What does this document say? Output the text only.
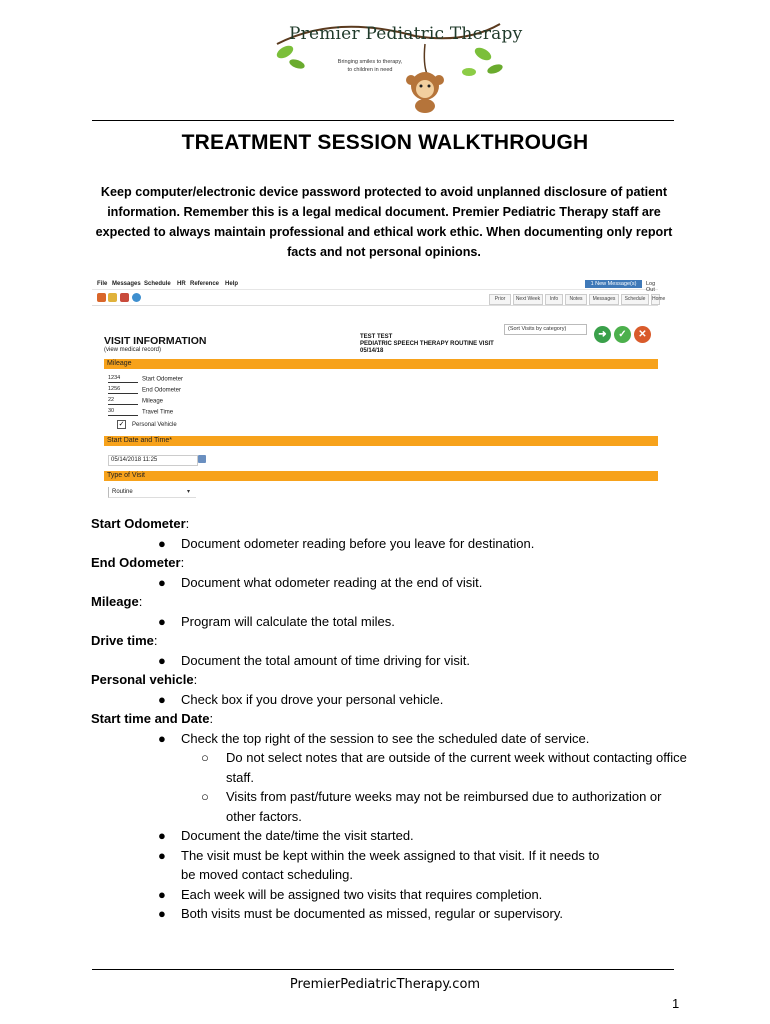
Premier Pediatric Therapy
Bringing smiles to therapy, to children in need
TREATMENT SESSION WALKTHROUGH
Keep computer/electronic device password protected to avoid unplanned disclosure of patient information. Remember this is a legal medical document. Premier Pediatric Therapy staff are expected to always maintain professional and ethical work ethic. When documenting only report facts and not personal opinions.
File Messages Schedule HR Reference Help	1 New Message(s)	Log Out
Prior	Next Week	Info	Notes	Messages	Schedule	Home
VISIT INFORMATION
(view medical record)
TEST TEST
PEDIATRIC SPEECH THERAPY ROUTINE VISIT
05/14/18
(Sort Visits by category)	➜	✓	✕
Mileage
1234	Start Odometer
1256	End Odometer
22	Mileage
30	Travel Time
✓ Personal Vehicle
Start Date and Time*
05/14/2018 11:25
Type of Visit
Routine	▾
Start Odometer:
● Document odometer reading before you leave for destination.
End Odometer:
● Document what odometer reading at the end of visit.
Mileage:
● Program will calculate the total miles.
Drive time:
● Document the total amount of time driving for visit.
Personal vehicle:
● Check box if you drove your personal vehicle.
Start time and Date:
● Check the top right of the session to see the scheduled date of service.
○ Do not select notes that are outside of the current week without contacting office staff.
○ Visits from past/future weeks may not be reimbursed due to authorization or other factors.
● Document the date/time the visit started.
● The visit must be kept within the week assigned to that visit. If it needs to be moved contact scheduling.
● Each week will be assigned two visits that requires completion.
● Both visits must be documented as missed, regular or supervisory.
PremierPediatricTherapy.com
1
